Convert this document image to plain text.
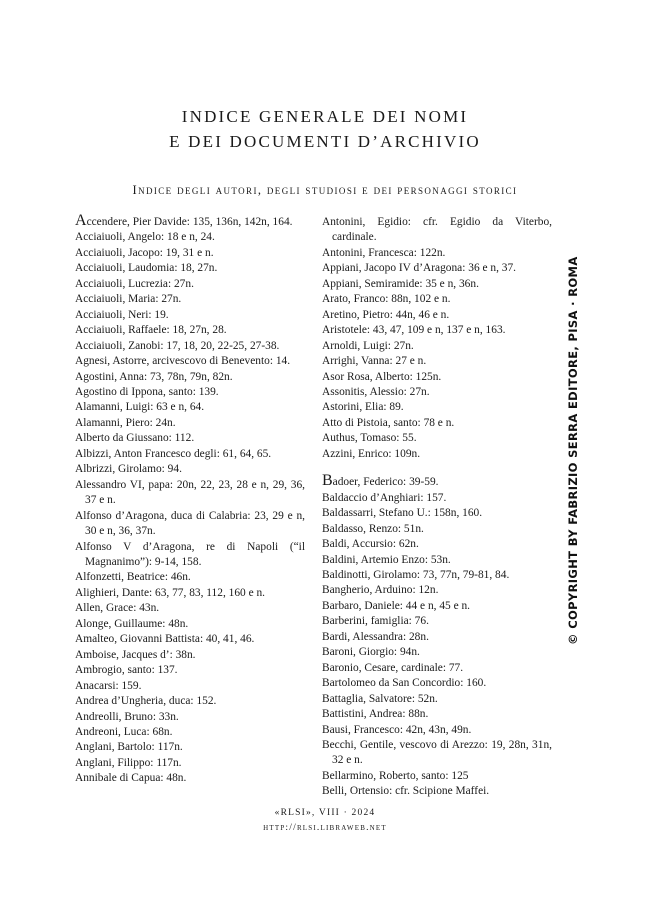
INDICE GENERALE DEI NOMI
E DEI DOCUMENTI D’ARCHIVIO
Indice degli autori, degli studiosi e dei personaggi storici
Accendere, Pier Davide: 135, 136n, 142n, 164.
Acciaiuoli, Angelo: 18 e n, 24.
Acciaiuoli, Jacopo: 19, 31 e n.
Acciaiuoli, Laudomia: 18, 27n.
Acciaiuoli, Lucrezia: 27n.
Acciaiuoli, Maria: 27n.
Acciaiuoli, Neri: 19.
Acciaiuoli, Raffaele: 18, 27n, 28.
Acciaiuoli, Zanobi: 17, 18, 20, 22-25, 27-38.
Agnesi, Astorre, arcivescovo di Benevento: 14.
Agostini, Anna: 73, 78n, 79n, 82n.
Agostino di Ippona, santo: 139.
Alamanni, Luigi: 63 e n, 64.
Alamanni, Piero: 24n.
Alberto da Giussano: 112.
Albizzi, Anton Francesco degli: 61, 64, 65.
Albrizzi, Girolamo: 94.
Alessandro VI, papa: 20n, 22, 23, 28 e n, 29, 36, 37 e n.
Alfonso d’Aragona, duca di Calabria: 23, 29 e n, 30 e n, 36, 37n.
Alfonso V d’Aragona, re di Napoli (“il Magnanimo”): 9-14, 158.
Alfonzetti, Beatrice: 46n.
Alighieri, Dante: 63, 77, 83, 112, 160 e n.
Allen, Grace: 43n.
Alonge, Guillaume: 48n.
Amalteo, Giovanni Battista: 40, 41, 46.
Amboise, Jacques d’: 38n.
Ambrogio, santo: 137.
Anacarsi: 159.
Andrea d’Ungheria, duca: 152.
Andreolli, Bruno: 33n.
Andreoni, Luca: 68n.
Anglani, Bartolo: 117n.
Anglani, Filippo: 117n.
Annibale di Capua: 48n.
Antonini, Egidio: cfr. Egidio da Viterbo, cardinale.
Antonini, Francesca: 122n.
Appiani, Jacopo IV d’Aragona: 36 e n, 37.
Appiani, Semiramide: 35 e n, 36n.
Arato, Franco: 88n, 102 e n.
Aretino, Pietro: 44n, 46 e n.
Aristotele: 43, 47, 109 e n, 137 e n, 163.
Arnoldi, Luigi: 27n.
Arrighi, Vanna: 27 e n.
Asor Rosa, Alberto: 125n.
Assonitis, Alessio: 27n.
Astorini, Elia: 89.
Atto di Pistoia, santo: 78 e n.
Authus, Tomaso: 55.
Azzini, Enrico: 109n.
Badoer, Federico: 39-59.
Baldaccio d’Anghiari: 157.
Baldassarri, Stefano U.: 158n, 160.
Baldasso, Renzo: 51n.
Baldi, Accursio: 62n.
Baldini, Artemio Enzo: 53n.
Baldinotti, Girolamo: 73, 77n, 79-81, 84.
Bangherio, Arduino: 12n.
Barbaro, Daniele: 44 e n, 45 e n.
Barberini, famiglia: 76.
Bardi, Alessandra: 28n.
Baroni, Giorgio: 94n.
Baronio, Cesare, cardinale: 77.
Bartolomeo da San Concordio: 160.
Battaglia, Salvatore: 52n.
Battistini, Andrea: 88n.
Bausi, Francesco: 42n, 43n, 49n.
Becchi, Gentile, vescovo di Arezzo: 19, 28n, 31n, 32 e n.
Bellarmino, Roberto, santo: 125
Belli, Ortensio: cfr. Scipione Maffei.
© COPYRIGHT BY FABRIZIO SERRA EDITORE, PISA · ROMA
«RLSI», VIII · 2024
http://rlsi.libraweb.net
